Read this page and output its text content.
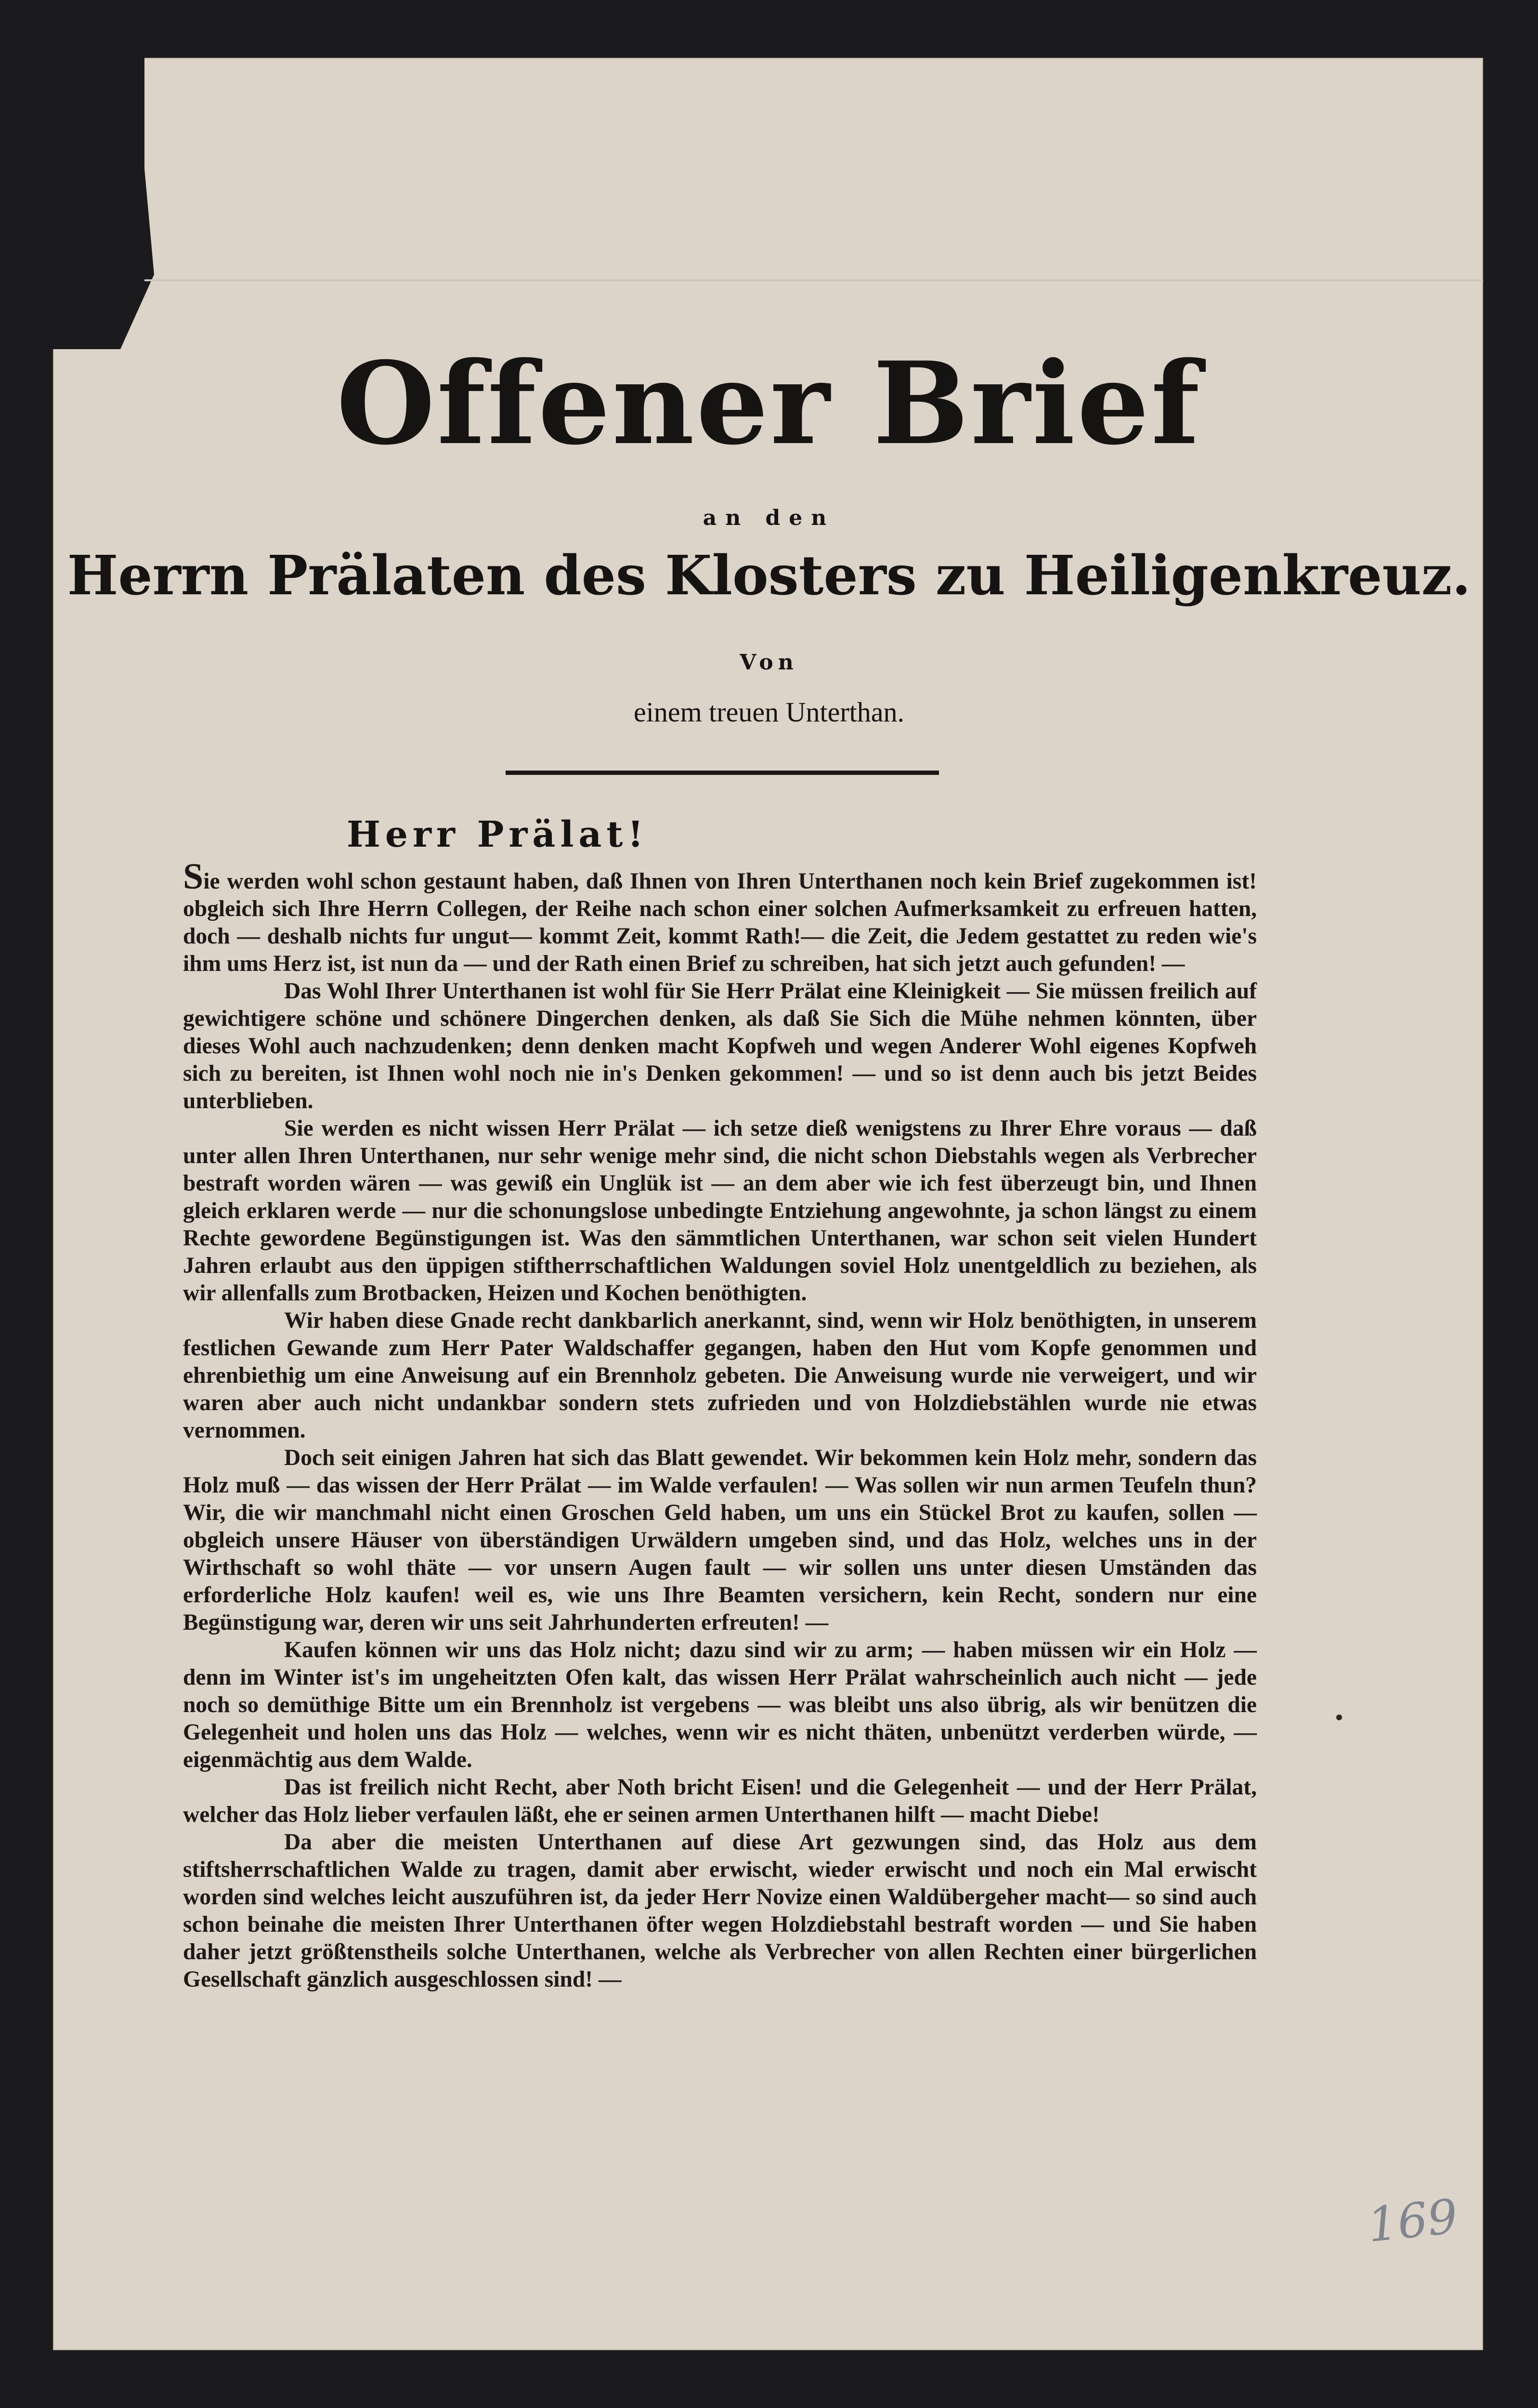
Offener Brief
an den
Herrn Prälaten des Klosters zu Heiligenkreuz.
Von
einem treuen Unterthan.
Herr Prälat!

Sie werden wohl schon gestaunt haben, daß Ihnen von Ihren Unterthanen noch kein Brief zugekommen ist! obgleich sich Ihre Herrn Collegen, der Reihe nach schon einer solchen Aufmerksamkeit zu erfreuen hatten, doch — deshalb nichts fur ungut— kommt Zeit, kommt Rath!— die Zeit, die Jedem gestattet zu reden wie's ihm ums Herz ist, ist nun da — und der Rath einen Brief zu schreiben, hat sich jetzt auch gefunden! —

Das Wohl Ihrer Unterthanen ist wohl für Sie Herr Prälat eine Kleinigkeit — Sie müssen freilich auf gewichtigere schöne und schönere Dingerchen denken, als daß Sie Sich die Mühe nehmen könnten, über dieses Wohl auch nachzudenken; denn denken macht Kopfweh und wegen Anderer Wohl eigenes Kopfweh sich zu bereiten, ist Ihnen wohl noch nie in's Denken gekommen! — und so ist denn auch bis jetzt Beides unterblieben.

Sie werden es nicht wissen Herr Prälat — ich setze dieß wenigstens zu Ihrer Ehre voraus — daß unter allen Ihren Unterthanen, nur sehr wenige mehr sind, die nicht schon Diebstahls wegen als Verbrecher bestraft worden wären — was gewiß ein Unglük ist — an dem aber wie ich fest überzeugt bin, und Ihnen gleich erklaren werde — nur die schonungslose unbedingte Entziehung angewohnte, ja schon längst zu einem Rechte gewordene Begünstigungen ist. Was den sämmtlichen Unterthanen, war schon seit vielen Hundert Jahren erlaubt aus den üppigen stiftherrschaftlichen Waldungen soviel Holz unentgeldlich zu beziehen, als wir allenfalls zum Brotbacken, Heizen und Kochen benöthigten.

Wir haben diese Gnade recht dankbarlich anerkannt, sind, wenn wir Holz benöthigten, in unserem festlichen Gewande zum Herr Pater Waldschaffer gegangen, haben den Hut vom Kopfe genommen und ehrenbiethig um eine Anweisung auf ein Brennholz gebeten. Die Anweisung wurde nie verweigert, und wir waren aber auch nicht undankbar sondern stets zufrieden und von Holzdiebstählen wurde nie etwas vernommen.

Doch seit einigen Jahren hat sich das Blatt gewendet. Wir bekommen kein Holz mehr, sondern das Holz muß — das wissen der Herr Prälat — im Walde verfaulen! — Was sollen wir nun armen Teufeln thun? Wir, die wir manchmahl nicht einen Groschen Geld haben, um uns ein Stückel Brot zu kaufen, sollen — obgleich unsere Häuser von überständigen Urwäldern umgeben sind, und das Holz, welches uns in der Wirthschaft so wohl thäte — vor unsern Augen fault — wir sollen uns unter diesen Umständen das erforderliche Holz kaufen! weil es, wie uns Ihre Beamten versichern, kein Recht, sondern nur eine Begünstigung war, deren wir uns seit Jahrhunderten erfreuten! —

Kaufen können wir uns das Holz nicht; dazu sind wir zu arm; — haben müssen wir ein Holz — denn im Winter ist's im ungeheitzten Ofen kalt, das wissen Herr Prälat wahrscheinlich auch nicht — jede noch so demüthige Bitte um ein Brennholz ist vergebens — was bleibt uns also übrig, als wir benützen die Gelegenheit und holen uns das Holz — welches, wenn wir es nicht thäten, unbenützt verderben würde, — eigenmächtig aus dem Walde.

Das ist freilich nicht Recht, aber Noth bricht Eisen! und die Gelegenheit — und der Herr Prälat, welcher das Holz lieber verfaulen läßt, ehe er seinen armen Unterthanen hilft — macht Diebe!

Da aber die meisten Unterthanen auf diese Art gezwungen sind, das Holz aus dem stiftsherrschaftlichen Walde zu tragen, damit aber erwischt, wieder erwischt und noch ein Mal erwischt worden sind welches leicht auszuführen ist, da jeder Herr Novize einen Waldübergeher macht— so sind auch schon beinahe die meisten Ihrer Unterthanen öfter wegen Holzdiebstahl bestraft worden — und Sie haben daher jetzt größtenstheils solche Unterthanen, welche als Verbrecher von allen Rechten einer bürgerlichen Gesellschaft gänzlich ausgeschlossen sind! —

169
